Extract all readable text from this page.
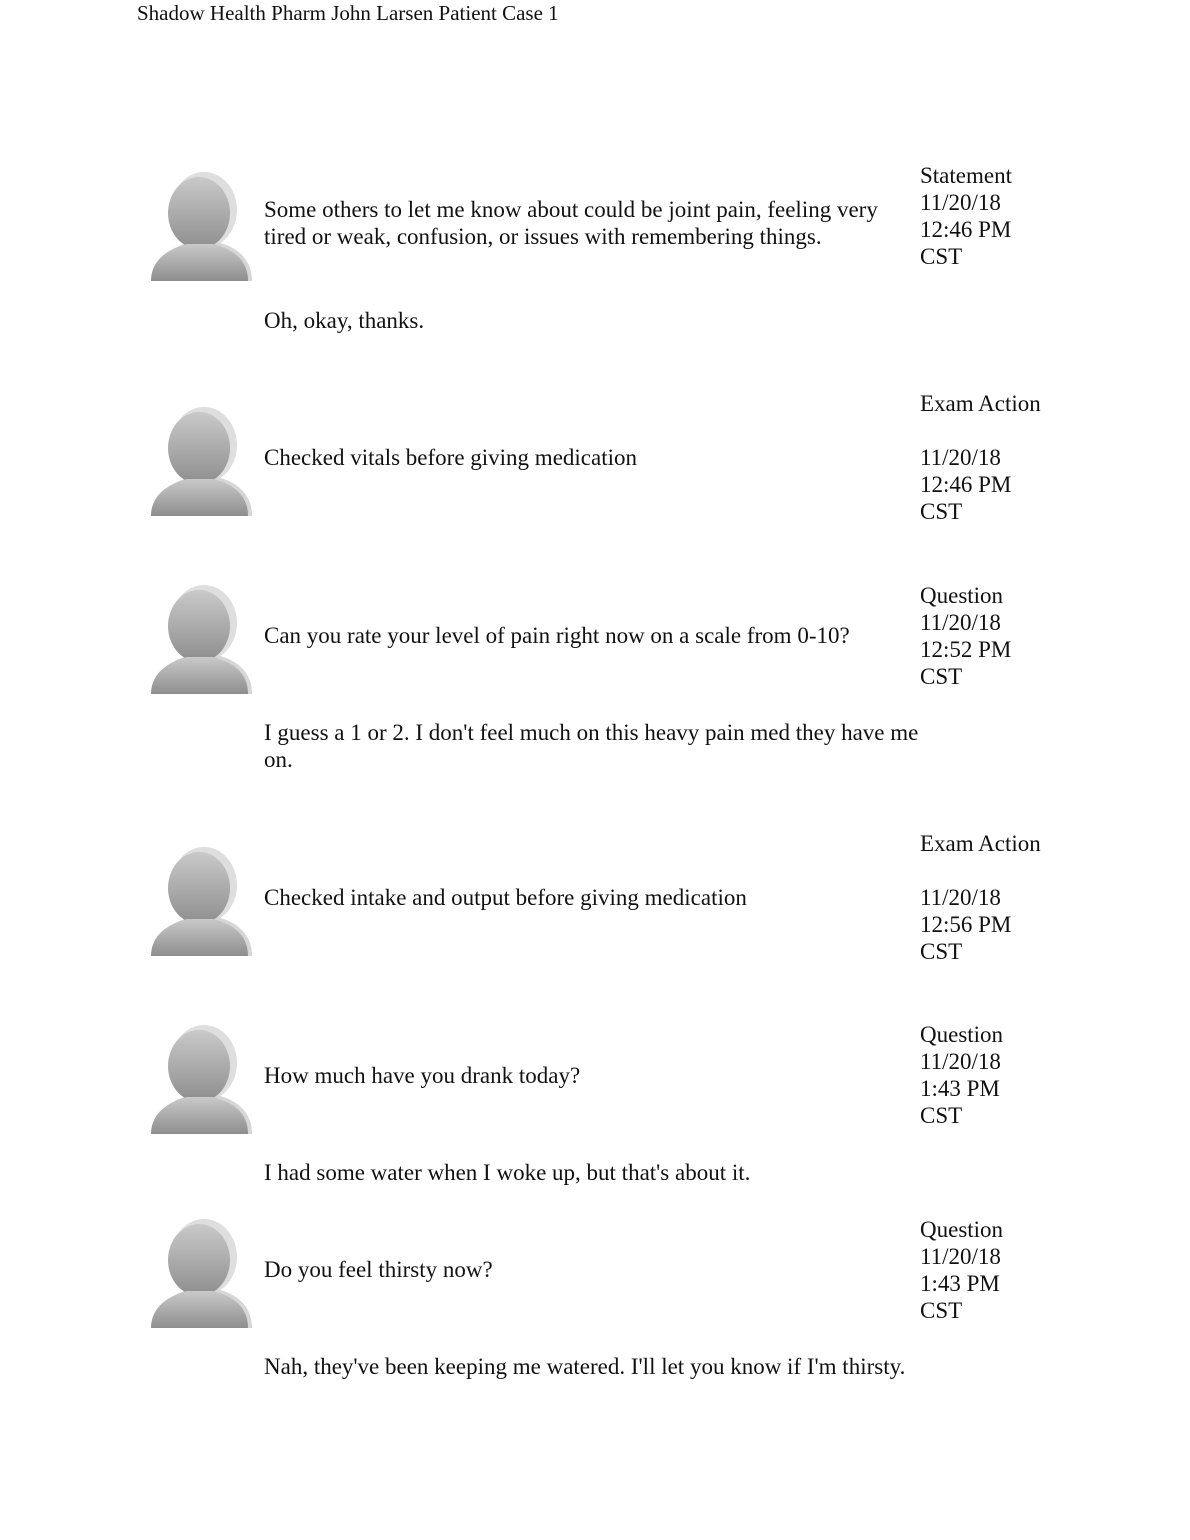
Shadow Health Pharm John Larsen Patient Case 1
Some others to let me know about could be joint pain, feeling very tired or weak, confusion, or issues with remembering things.
Statement
11/20/18
12:46 PM
CST
Oh, okay, thanks.
Checked vitals before giving medication
Exam Action
11/20/18
12:46 PM
CST
Can you rate your level of pain right now on a scale from 0-10?
Question
11/20/18
12:52 PM
CST
I guess a 1 or 2. I don't feel much on this heavy pain med they have me on.
Checked intake and output before giving medication
Exam Action
11/20/18
12:56 PM
CST
How much have you drank today?
Question
11/20/18
1:43 PM
CST
I had some water when I woke up, but that's about it.
Do you feel thirsty now?
Question
11/20/18
1:43 PM
CST
Nah, they've been keeping me watered. I'll let you know if I'm thirsty.
